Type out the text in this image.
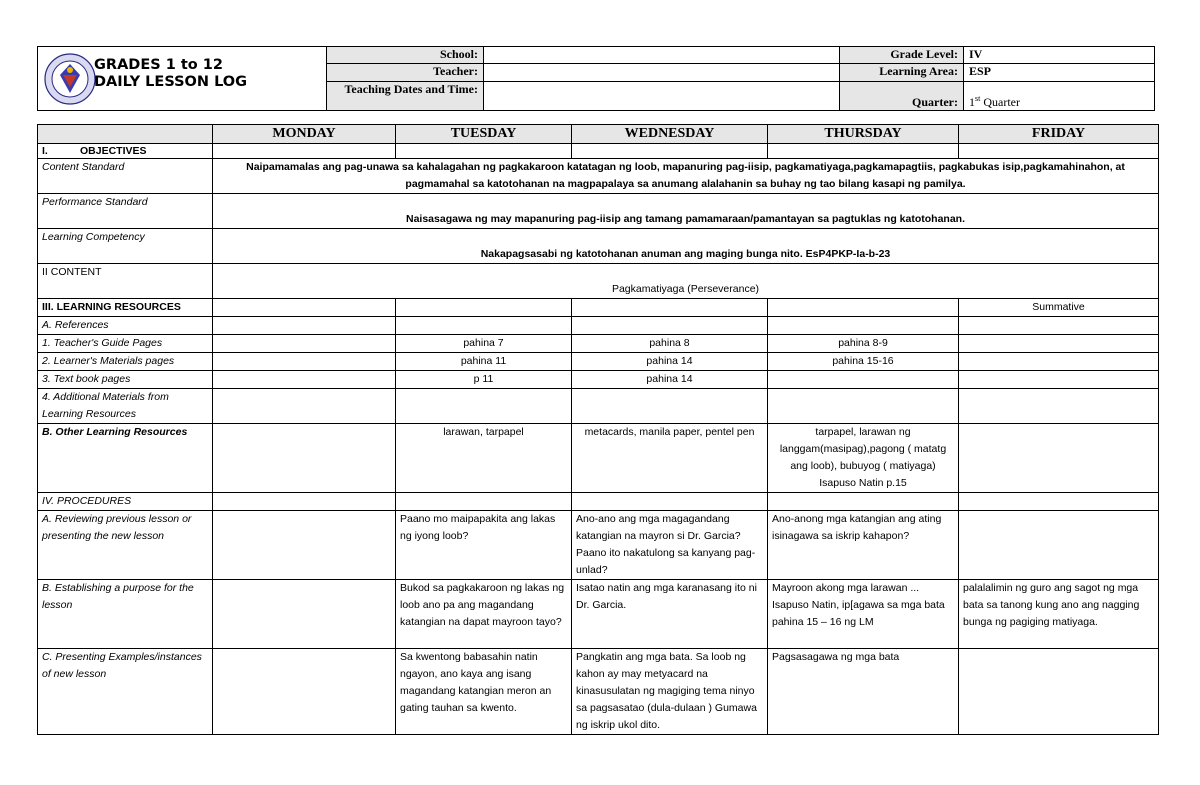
GRADES 1 to 12
DAILY LESSON LOG	School:		Grade Level:	IV
	Teacher:		Learning Area:	ESP
	Teaching Dates and Time:		Quarter:	1st Quarter
	MONDAY	TUESDAY	WEDNESDAY	THURSDAY	FRIDAY
I. OBJECTIVES					
Content Standard	Naipamamalas ang pag-unawa sa kahalagahan ng pagkakaroon katatagan ng loob, mapanuring pag-iisip, pagkamatiyaga,pagkamapagtiis, pagkabukas isip,pagkamahinahon, at pagmamahal sa katotohanan na magpapalaya sa anumang alalahanin sa buhay ng tao bilang kasapi ng pamilya.				
Performance Standard	Naisasagawa ng may mapanuring pag-iisip ang tamang pamamaraan/pamantayan sa pagtuklas ng katotohanan.				
Learning Competency	Nakapagsasabi ng katotohanan anuman ang maging bunga nito. EsP4PKP-Ia-b-23				
II CONTENT	Pagkamatiyaga (Perseverance)				
III. LEARNING RESOURCES					Summative
A. References					
1. Teacher's Guide Pages		pahina 7	pahina 8	pahina 8-9	
2. Learner's Materials pages		pahina 11	pahina 14	pahina 15-16	
3. Text book pages		p 11	pahina 14		
4. Additional Materials from Learning Resources					
B. Other Learning Resources		larawan, tarpapel	metacards, manila paper, pentel pen	tarpapel, larawan ng langgam(masipag),pagong ( matatg ang loob), bubuyog ( matiyaga) Isapuso Natin p.15	
IV. PROCEDURES					
A. Reviewing previous lesson or presenting the new lesson		Paano mo maipapakita ang lakas ng iyong loob?	Ano-ano ang mga magagandang katangian na mayron si Dr. Garcia? Paano ito nakatulong sa kanyang pag-unlad?	Ano-anong mga katangian ang ating isinagawa sa iskrip kahapon?	
B. Establishing a purpose for the lesson		Bukod sa pagkakaroon ng lakas ng loob ano pa ang magandang katangian na dapat mayroon tayo?	Isatao natin ang mga karanasang ito ni Dr. Garcia.	Mayroon akong mga larawan ... Isapuso Natin, ip[agawa sa mga bata pahina 15 – 16 ng LM	palalalimin ng guro ang sagot ng mga bata sa tanong kung ano ang nagging bunga ng pagiging matiyaga.
C. Presenting Examples/instances of new lesson		Sa kwentong babasahin natin ngayon, ano kaya ang isang magandang katangian meron an gating tauhan sa kwento.	Pangkatin ang mga bata. Sa loob ng kahon ay may metyacard na kinasusulatan ng magiging tema ninyo sa pagsasatao (dula-dulaan ) Gumawa ng iskrip ukol dito.	Pagsasagawa ng mga bata	
